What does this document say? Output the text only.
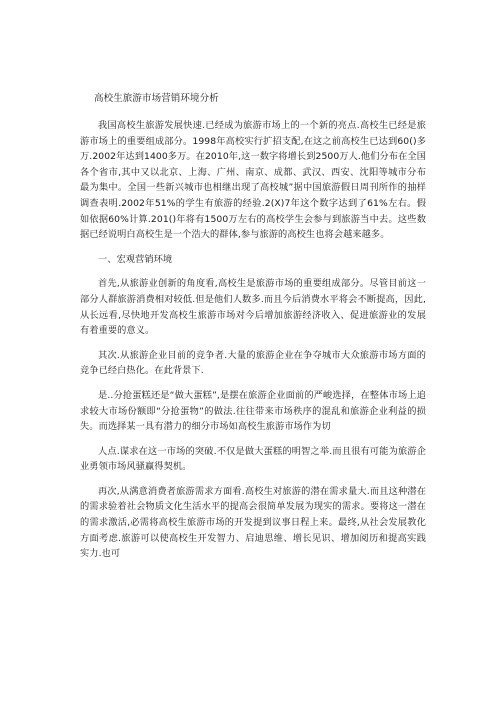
高校生旅游市场营销环境分析

我国高校生旅游发展快速.已经成为旅游市场上的一个新的亮点.高校生已经是旅游市场上的重要组成部分。1998年高校实行扩招支配,在这之前高校生已达到60()多万.2002年达到1400多万。在2010年,这一数字将增长到2500万人.他们分布在全国各个省市,其中又以北京、上海、广州、南京、成都、武汉、西安、沈阳等城市分布最为集中。全国一些新兴城市也相继出现了高校城”据中国旅游假日周刊所作的抽样调查表明.2002年51%的学生有旅游的经验.2(X)7年这个数字达到了61%左右。假如依据60%计算.201()年将有1500万左右的高校学生会参与到旅游当中去。这些数据已经说明白高校生是一个浩大的群体,参与旅游的高校生也将会越来越多。

一、宏观营销环境

首先,从旅游业创新的角度看,高校生是旅游市场的重要组成部分。尽管目前这一部分人群旅游消费相对较低.但是他们人数多.而且今后消费水平将会不断提高，因此,从长远看,尽快地开发高校生旅游市场对今后增加旅游经济收入、促进旅游业的发展有着重要的意义。

其次.从旅游企业目前的竞争者.大量的旅游企业在争夺城市大众旅游市场方面的竞争已经白热化。在此背景下.

是..分抢蛋糕还是“做大蛋糕”,是摆在旅游企业面前的严峻选择，在整体市场上追求较大市场份额即“分抢蛋物”的做法.往往带来市场秩序的混乱和旅游企业利益的损失。而选择某一具有潜力的细分市场如高校生旅游市场作为切

人点.谋求在这一市场的突破.不仅是做大蛋糕的明智之举.而且很有可能为旅游企业勇领市场风骚赢得契机。

再次,从满意消费者旅游需求方面看.高校生对旅游的潜在需求量大.而且这种潜在的需求验着社会物质文化生活水平的提高会很简单发展为现实的需求。要将这一潜在的需求激活,必需将高校生旅游市场的开发提到议事日程上来。最终,从社会发展教化方面考虑.旅游可以使高校生开发智力、启迪思维、增长见识、增加阅历和提高实践实力.也可
